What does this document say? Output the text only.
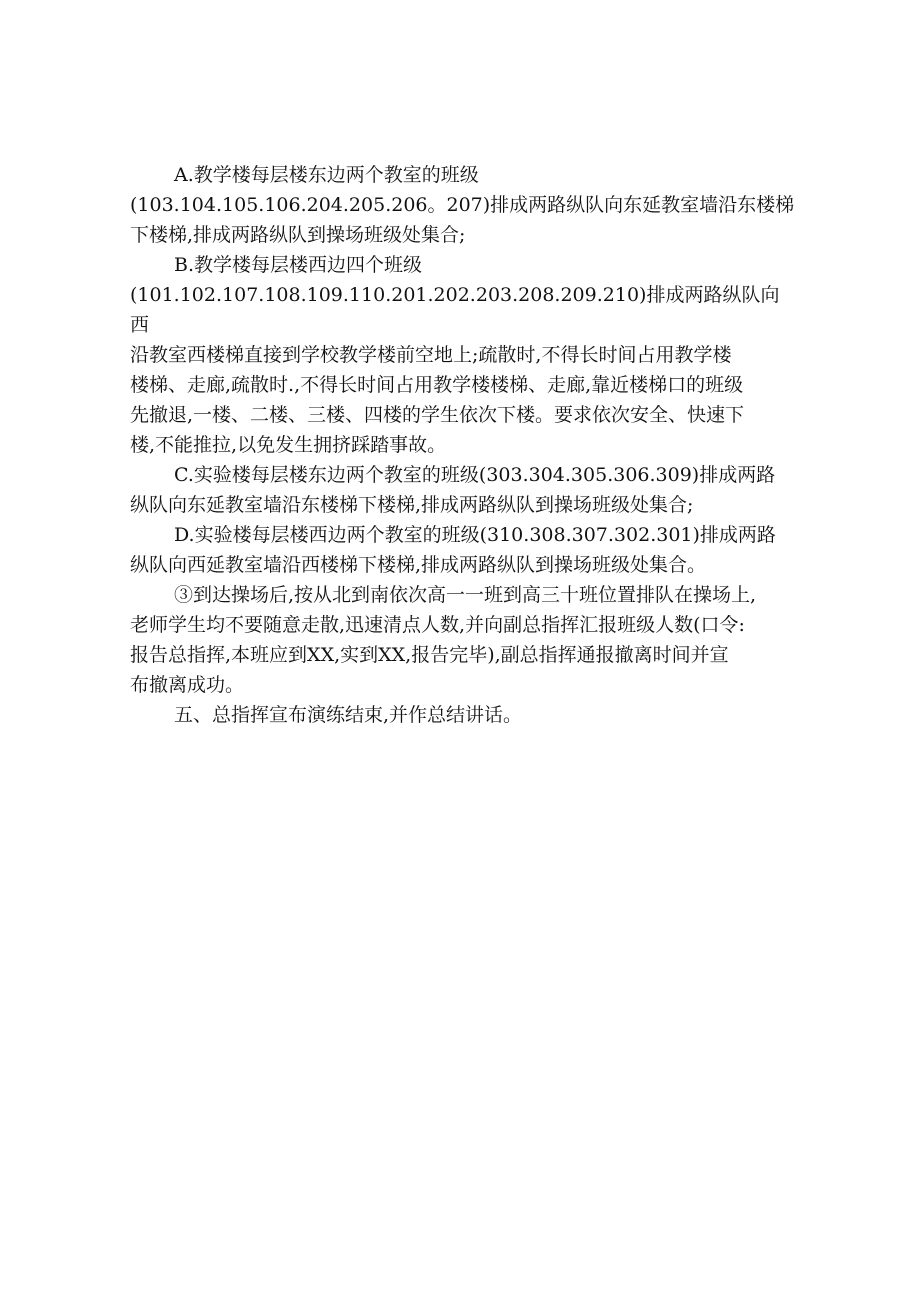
A.教学楼每层楼东边两个教室的班级
(103.104.105.106.204.205.206。207)排成两路纵队向东延教室墙沿东楼梯
下楼梯,排成两路纵队到操场班级处集合;
B.教学楼每层楼西边四个班级
(101.102.107.108.109.110.201.202.203.208.209.210)排成两路纵队向西
沿教室西楼梯直接到学校教学楼前空地上;疏散时,不得长时间占用教学楼
楼梯、走廊,疏散时.,不得长时间占用教学楼楼梯、走廊,靠近楼梯口的班级
先撤退,一楼、二楼、三楼、四楼的学生依次下楼。要求依次安全、快速下
楼,不能推拉,以免发生拥挤踩踏事故。
C.实验楼每层楼东边两个教室的班级(303.304.305.306.309)排成两路
纵队向东延教室墙沿东楼梯下楼梯,排成两路纵队到操场班级处集合;
D.实验楼每层楼西边两个教室的班级(310.308.307.302.301)排成两路
纵队向西延教室墙沿西楼梯下楼梯,排成两路纵队到操场班级处集合。
③到达操场后,按从北到南依次高一一班到高三十班位置排队在操场上,
老师学生均不要随意走散,迅速清点人数,并向副总指挥汇报班级人数(口令:
报告总指挥,本班应到XX,实到XX,报告完毕),副总指挥通报撤离时间并宣
布撤离成功。
五、总指挥宣布演练结束,并作总结讲话。
